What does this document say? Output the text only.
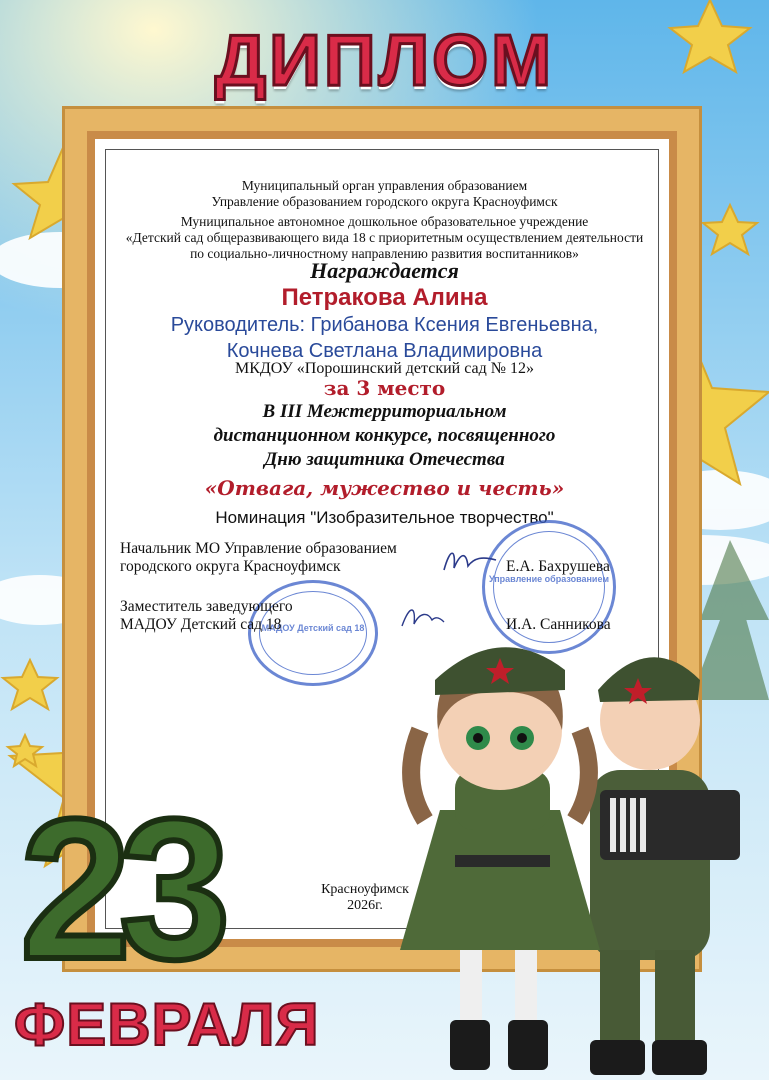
ДИПЛОМ
Муниципальный орган управления образованием
Управление образованием городского округа Красноуфимск
Муниципальное автономное дошкольное образовательное учреждение
«Детский сад общеразвивающего вида 18 с приоритетным осуществлением деятельности
по социально-личностному направлению развития воспитанников»
Награждается
Петракова Алина
Руководитель: Грибанова Ксения Евгеньевна,
Кочнева Светлана Владимировна
МКДОУ «Порошинский детский сад № 12»
за 3 место
В III Межтерриториальном
дистанционном конкурсе, посвященного
Дню защитника Отечества
«Отвага, мужество и честь»
Номинация "Изобразительное творчество"
МАДОУ Детский сад 18
Управление образованием
Начальник МО Управление образованием
городского округа Красноуфимск	Е.А. Бахрушева
Заместитель заведующего
МАДОУ Детский сад 18	И.А. Санникова
Красноуфимск
2026г.
23
ФЕВРАЛЯ
